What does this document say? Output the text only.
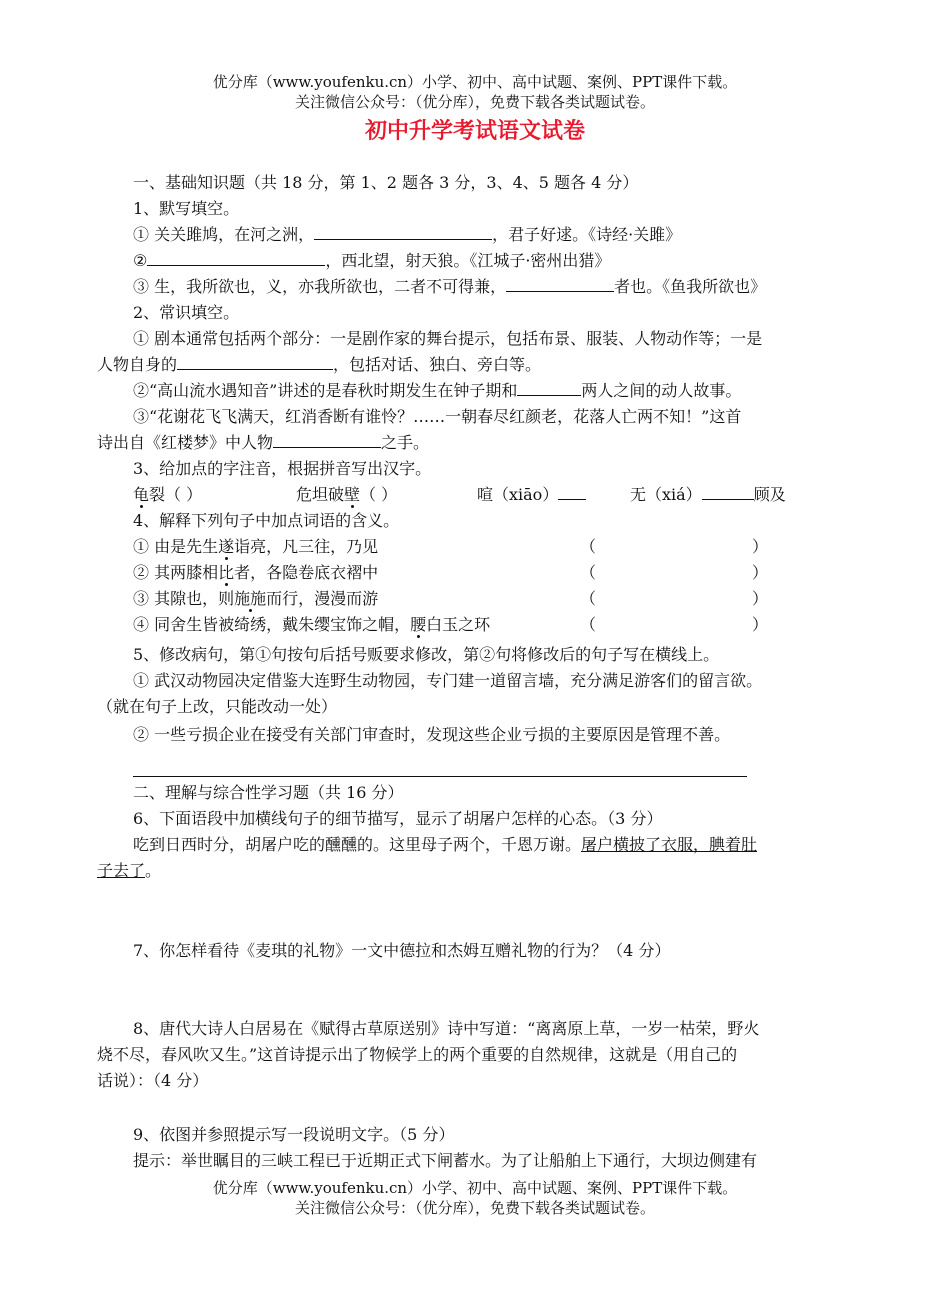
优分库（www.youfenku.cn）小学、初中、高中试题、案例、PPT课件下载。
关注微信公众号：（优分库），免费下载各类试题试卷。
初中升学考试语文试卷
一、基础知识题（共 18 分，第 1、2 题各 3 分，3、4、5 题各 4 分）
1、默写填空。
① 关关雎鸠，在河之洲，	，君子好逑。《诗经·关雎》
②	，西北望，射天狼。《江城子·密州出猎》
③ 生，我所欲也，义，亦我所欲也，二者不可得兼，	者也。《鱼我所欲也》
2、常识填空。
① 剧本通常包括两个部分：一是剧作家的舞台提示，包括布景、服装、人物动作等；一是
人物自身的	，包括对话、独白、旁白等。
②“高山流水遇知音”讲述的是春秋时期发生在钟子期和	两人之间的动人故事。
③“花谢花飞飞满天，红消香断有谁怜？……一朝春尽红颜老，花落人亡两不知！”这首
诗出自《红楼梦》中人物	之手。
3、给加点的字注音，根据拼音写出汉字。
龟裂（ ）	危坦破壁（ ）	喧（xiāo）	无（xiá）	顾及
4、解释下列句子中加点词语的含义。
① 由是先生遂诣亮，凡三往，乃见	（	）
② 其两膝相比者，各隐卷底衣褶中	（	）
③ 其隙也，则施施而行，漫漫而游	（	）
④ 同舍生皆被绮绣，戴朱缨宝饰之帽，腰白玉之环	（	）
5、修改病句，第①句按句后括号贩要求修改，第②句将修改后的句子写在横线上。
① 武汉动物园决定借鉴大连野生动物园，专门建一道留言墙，充分满足游客们的留言欲。
（就在句子上改，只能改动一处）
② 一些亏损企业在接受有关部门审查时，发现这些企业亏损的主要原因是管理不善。
二、理解与综合性学习题（共 16 分）
6、下面语段中加横线句子的细节描写，显示了胡屠户怎样的心态。（3 分）
吃到日西时分，胡屠户吃的醺醺的。这里母子两个，千恩万谢。屠户横披了衣服，腆着肚
子去了。
7、你怎样看待《麦琪的礼物》一文中德拉和杰姆互赠礼物的行为？（4 分）
8、唐代大诗人白居易在《赋得古草原送别》诗中写道：“离离原上草，一岁一枯荣，野火
烧不尽，春风吹又生。”这首诗提示出了物候学上的两个重要的自然规律，这就是（用自己的
话说）：（4 分）
9、依图并参照提示写一段说明文字。（5 分）
提示：举世瞩目的三峡工程已于近期正式下闸蓄水。为了让船舶上下通行，大坝边侧建有
优分库（www.youfenku.cn）小学、初中、高中试题、案例、PPT课件下载。
关注微信公众号：（优分库），免费下载各类试题试卷。
